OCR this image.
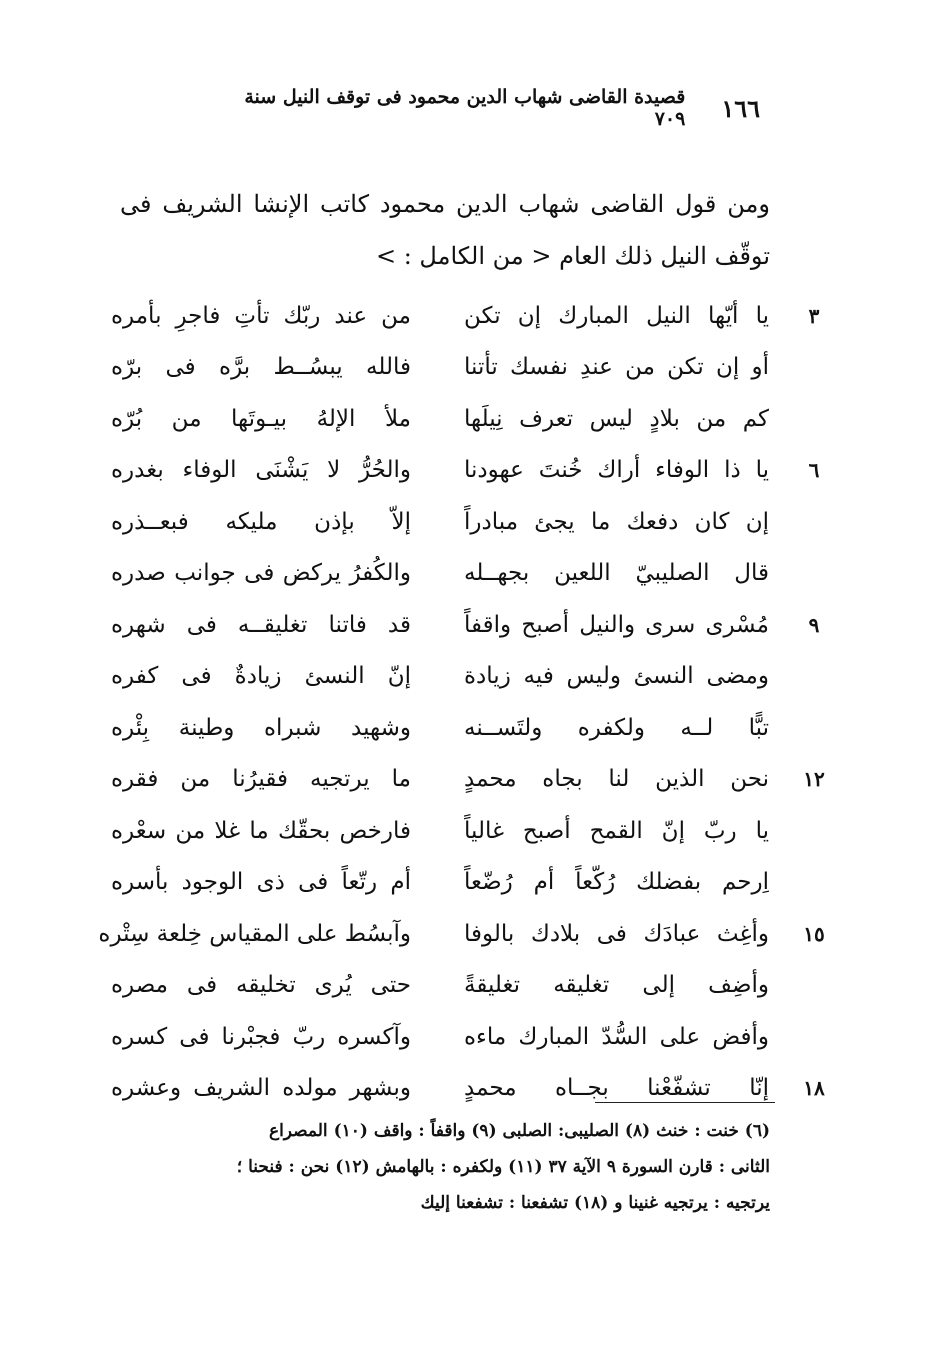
١٦٦
قصيدة القاضى شهاب الدين محمود فى توقف النيل سنة ٧٠٩
ومن قول القاضى شهاب الدين محمود كاتب الإنشا الشريف فى
توقّف النيل ذلك العام < من الكامل : >
٣
يا أيّها النيل المبارك إن تكن
من عند ربّك تأتِ فاجرِ بأمره
أو إن تكن من عندِ نفسك تأتنا
فالله يبسُــط برَّه فى برّه
كم من بلادٍ ليس تعرف نِيلَها
ملأ الإلهُ بيـوتَها من بُرّه
٦
يا ذا الوفاء أراك خُنتَ عهودنا
والحُرُّ لا يَشْنَى الوفاء بغدره
إن كان دفعك ما يجئ مبادراً
إلاّ بإذن مليكه فبعــذره
قال الصليبيّ اللعين بجهــله
والكُفرُ يركض فى جوانب صدره
٩
مُسْرى سرى والنيل أصبح واقفاً
قد فاتنا تغليقــه فى شهره
ومضى النسئ وليس فيه زيادة
إنّ النسئ زيادةٌ فى كفره
تبًّا لــه ولكفره ولتَســنه
وشهيد شبراه وطينة بِئْره
١٢
نحن الذين لنا بجاه محمدٍ
ما يرتجيه فقيرُنا من فقره
يا ربّ إنّ القمح أصبح غالياً
فارخص بحقّك ما غلا من سعْره
اِرحم بفضلك رُكّعاً أم رُضّعاً
أم رتّعاً فى ذى الوجود بأسره
١٥
وأغِث عبادَك فى بلادك بالوفا
وآبسُط على المقياس خِلعة سِتْره
وأضِف إلى تغليقه تغليقةً
حتى يُرى تخليقه فى مصره
وأفض على السُّدّ المبارك ماءه
وآكسره ربّ فجبْرنا فى كسره
١٨
إنّا تشفّعْنا بجــاه محمدٍ
وبشهر مولده الشريف وعشره
(٦) خنت : خنث (٨) الصليبى: الصلبى (٩) واقفاً : واقف (١٠) المصراع
الثانى : قارن السورة ٩ الآية ٣٧ (١١) ولكفره : بالهامش (١٢) نحن : فنحنا ؛
يرتجيه : يرتجيه غنينا و (١٨) تشفعنا : تشفعنا إليك
